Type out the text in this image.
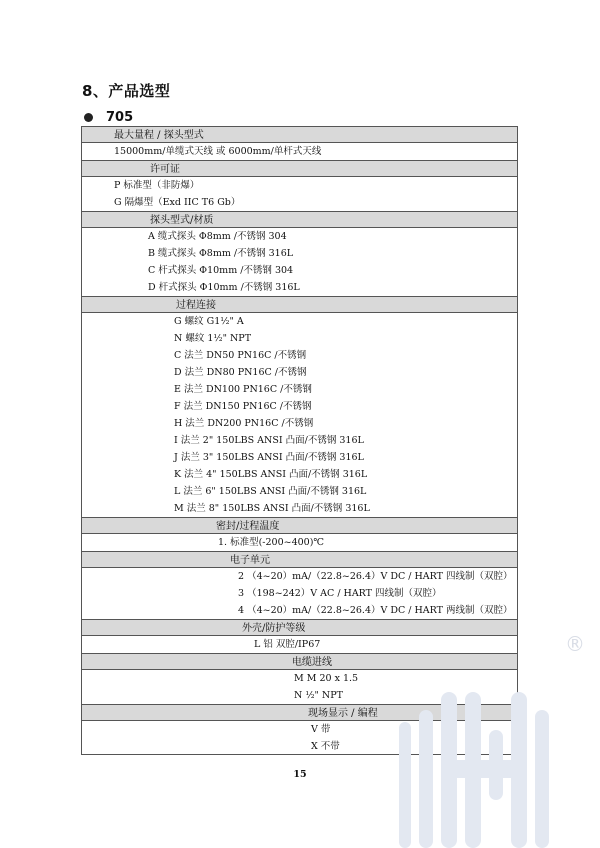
8、产品选型
705
最大量程 / 探头型式
15000mm/单缆式天线 或 6000mm/单杆式天线
许可证
P 标准型（非防爆）
G 隔爆型（Exd IIC T6 Gb）
探头型式/材质
A 缆式探头 Φ8mm /不锈钢 304
B 缆式探头 Φ8mm /不锈钢 316L
C 杆式探头 Φ10mm /不锈钢 304
D 杆式探头 Φ10mm /不锈钢 316L
过程连接
G 螺纹 G1½" A
N 螺纹 1½" NPT
C 法兰 DN50 PN16C /不锈钢
D 法兰 DN80 PN16C /不锈钢
E 法兰 DN100 PN16C /不锈钢
F 法兰 DN150 PN16C /不锈钢
H 法兰 DN200 PN16C /不锈钢
I 法兰 2" 150LBS ANSI 凸面/不锈钢 316L
J 法兰 3" 150LBS ANSI 凸面/不锈钢 316L
K 法兰 4" 150LBS ANSI 凸面/不锈钢 316L
L 法兰 6" 150LBS ANSI 凸面/不锈钢 316L
M 法兰 8" 150LBS ANSI 凸面/不锈钢 316L
密封/过程温度
1. 标准型(-200~400)℃
电子单元
2 （4~20）mA/（22.8~26.4）V DC / HART 四线制（双腔）
3 （198~242）V AC / HART 四线制（双腔）
4 （4~20）mA/（22.8~26.4）V DC / HART 两线制（双腔）
外壳/防护等级
L 铝 双腔/IP67
电缆进线
M M 20 x 1.5
N ½" NPT
现场显示 / 编程
V 带
X 不带
15
®
